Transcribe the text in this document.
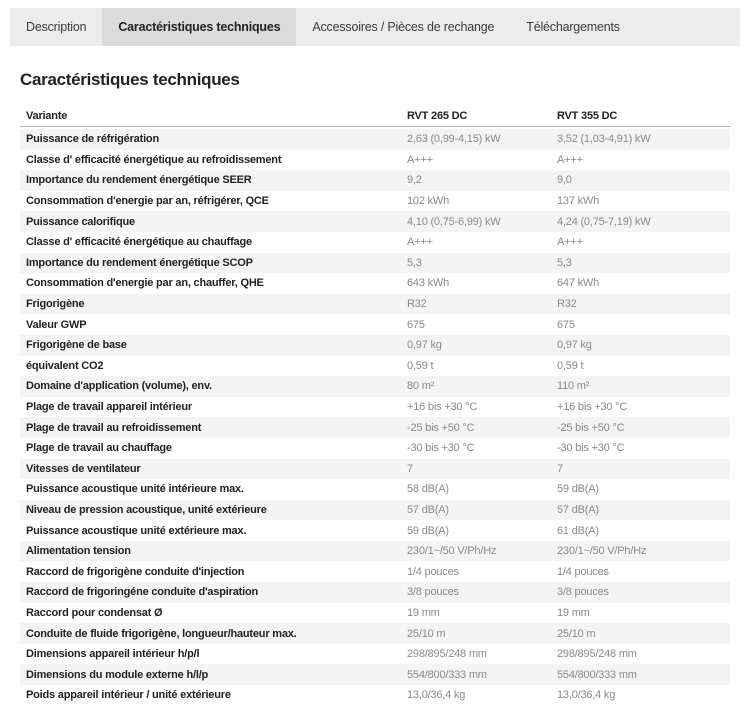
Description	Caractéristiques techniques	Accessoires / Pièces de rechange	Téléchargements
Caractéristiques techniques
Variante	RVT 265 DC	RVT 355 DC
Puissance de réfrigération	2,63 (0,99-4,15) kW	3,52 (1,03-4,91) kW
Classe d' efficacité énergétique au refroidissement	A+++	A+++
Importance du rendement énergétique SEER	9,2	9,0
Consommation d'energie par an, réfrigérer, QCE	102 kWh	137 kWh
Puissance calorifique	4,10 (0,75-6,99) kW	4,24 (0,75-7,19) kW
Classe d' efficacité énergétique au chauffage	A+++	A+++
Importance du rendement énergétique SCOP	5,3	5,3
Consommation d'energie par an, chauffer, QHE	643 kWh	647 kWh
Frigorigène	R32	R32
Valeur GWP	675	675
Frigorigène de base	0,97 kg	0,97 kg
équivalent CO2	0,59 t	0,59 t
Domaine d'application (volume), env.	80 m²	110 m²
Plage de travail appareil intérieur	+16 bis +30 °C	+16 bis +30 °C
Plage de travail au refroidissement	-25 bis +50 °C	-25 bis +50 °C
Plage de travail au chauffage	-30 bis +30 °C	-30 bis +30 °C
Vitesses de ventilateur	7	7
Puissance acoustique unité intérieure max.	58 dB(A)	59 dB(A)
Niveau de pression acoustique, unité extérieure	57 dB(A)	57 dB(A)
Puissance acoustique unité extérieure max.	59 dB(A)	61 dB(A)
Alimentation tension	230/1~/50 V/Ph/Hz	230/1~/50 V/Ph/Hz
Raccord de frigorigène conduite d'injection	1/4 pouces	1/4 pouces
Raccord de frigoringéne conduite d'aspiration	3/8 pouces	3/8 pouces
Raccord pour condensat Ø	19 mm	19 mm
Conduite de fluide frigorigène, longueur/hauteur max.	25/10 m	25/10 m
Dimensions appareil intérieur h/p/l	298/895/248 mm	298/895/248 mm
Dimensions du module externe h/l/p	554/800/333 mm	554/800/333 mm
Poids appareil intérieur / unité extérieure	13,0/36,4 kg	13,0/36,4 kg
